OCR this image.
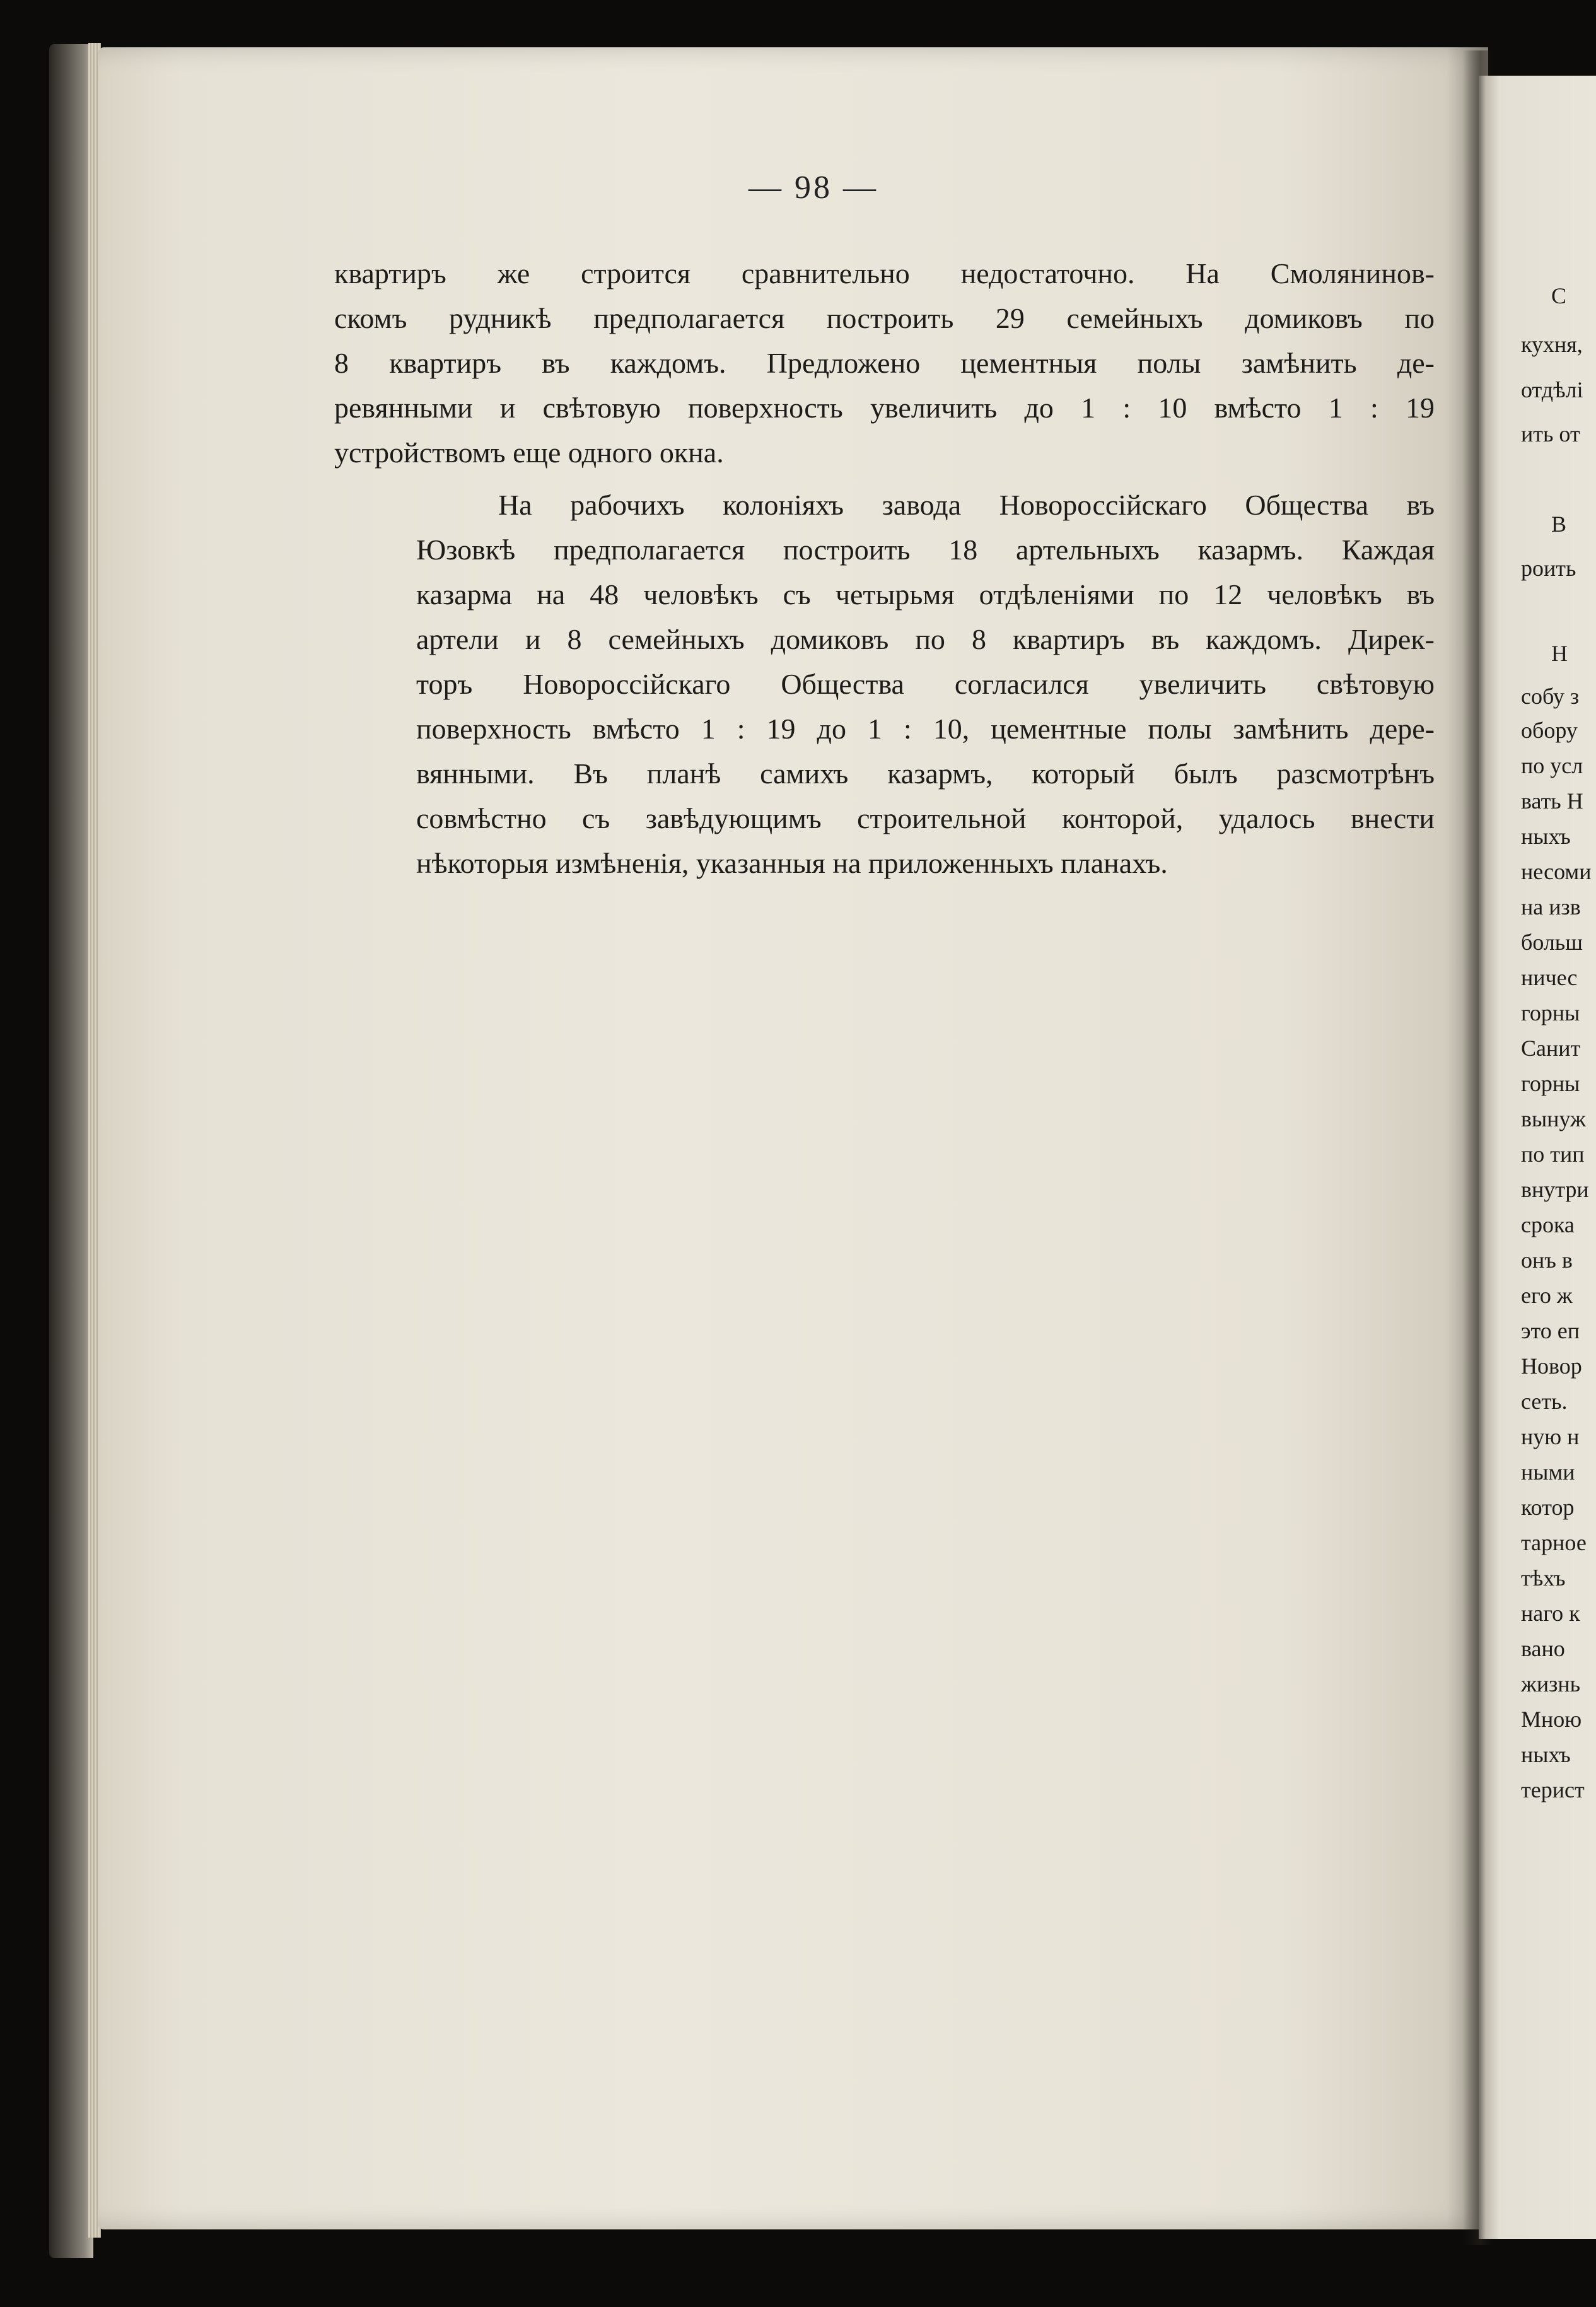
— 98 —

квартиръ же строится сравнительно недостаточно. На Смолянинов-
скомъ рудникѣ предполагается построить 29 семейныхъ домиковъ по
8 квартиръ въ каждомъ. Предложено цементныя полы замѣнить де-
ревянными и свѣтовую поверхность увеличить до 1 : 10 вмѣсто 1 : 19
устройствомъ еще одного окна.

На рабочихъ колоніяхъ завода Новороссійскаго Общества въ
Юзовкѣ предполагается построить 18 артельныхъ казармъ. Каждая
казарма на 48 человѣкъ съ четырьмя отдѣленіями по 12 человѣкъ въ
артели и 8 семейныхъ домиковъ по 8 квартиръ въ каждомъ. Дирек-
торъ Новороссійскаго Общества согласился увеличить свѣтовую
поверхность вмѣсто 1 : 19 до 1 : 10, цементные полы замѣнить дере-
вянными. Въ планѣ самихъ казармъ, который былъ разсмотрѣнъ
совмѣстно съ завѣдующимъ строительной конторой, удалось внести
нѣкоторыя измѣненія, указанныя на приложенныхъ планахъ.

С
кухня,
отдѣлі
ить от
В
роить
Н
собу з
обору
по усл
вать Н
ныхъ
несоми
на изв
больш
ничес
горны
Санит
горны
вынуж
по тип
внутри
срока
онъ в
его ж
это еп
Новор
сеть.
ную н
ными
котор
тарное
тѣхъ
наго к
вано
жизнь
Мною
ныхъ
терист
